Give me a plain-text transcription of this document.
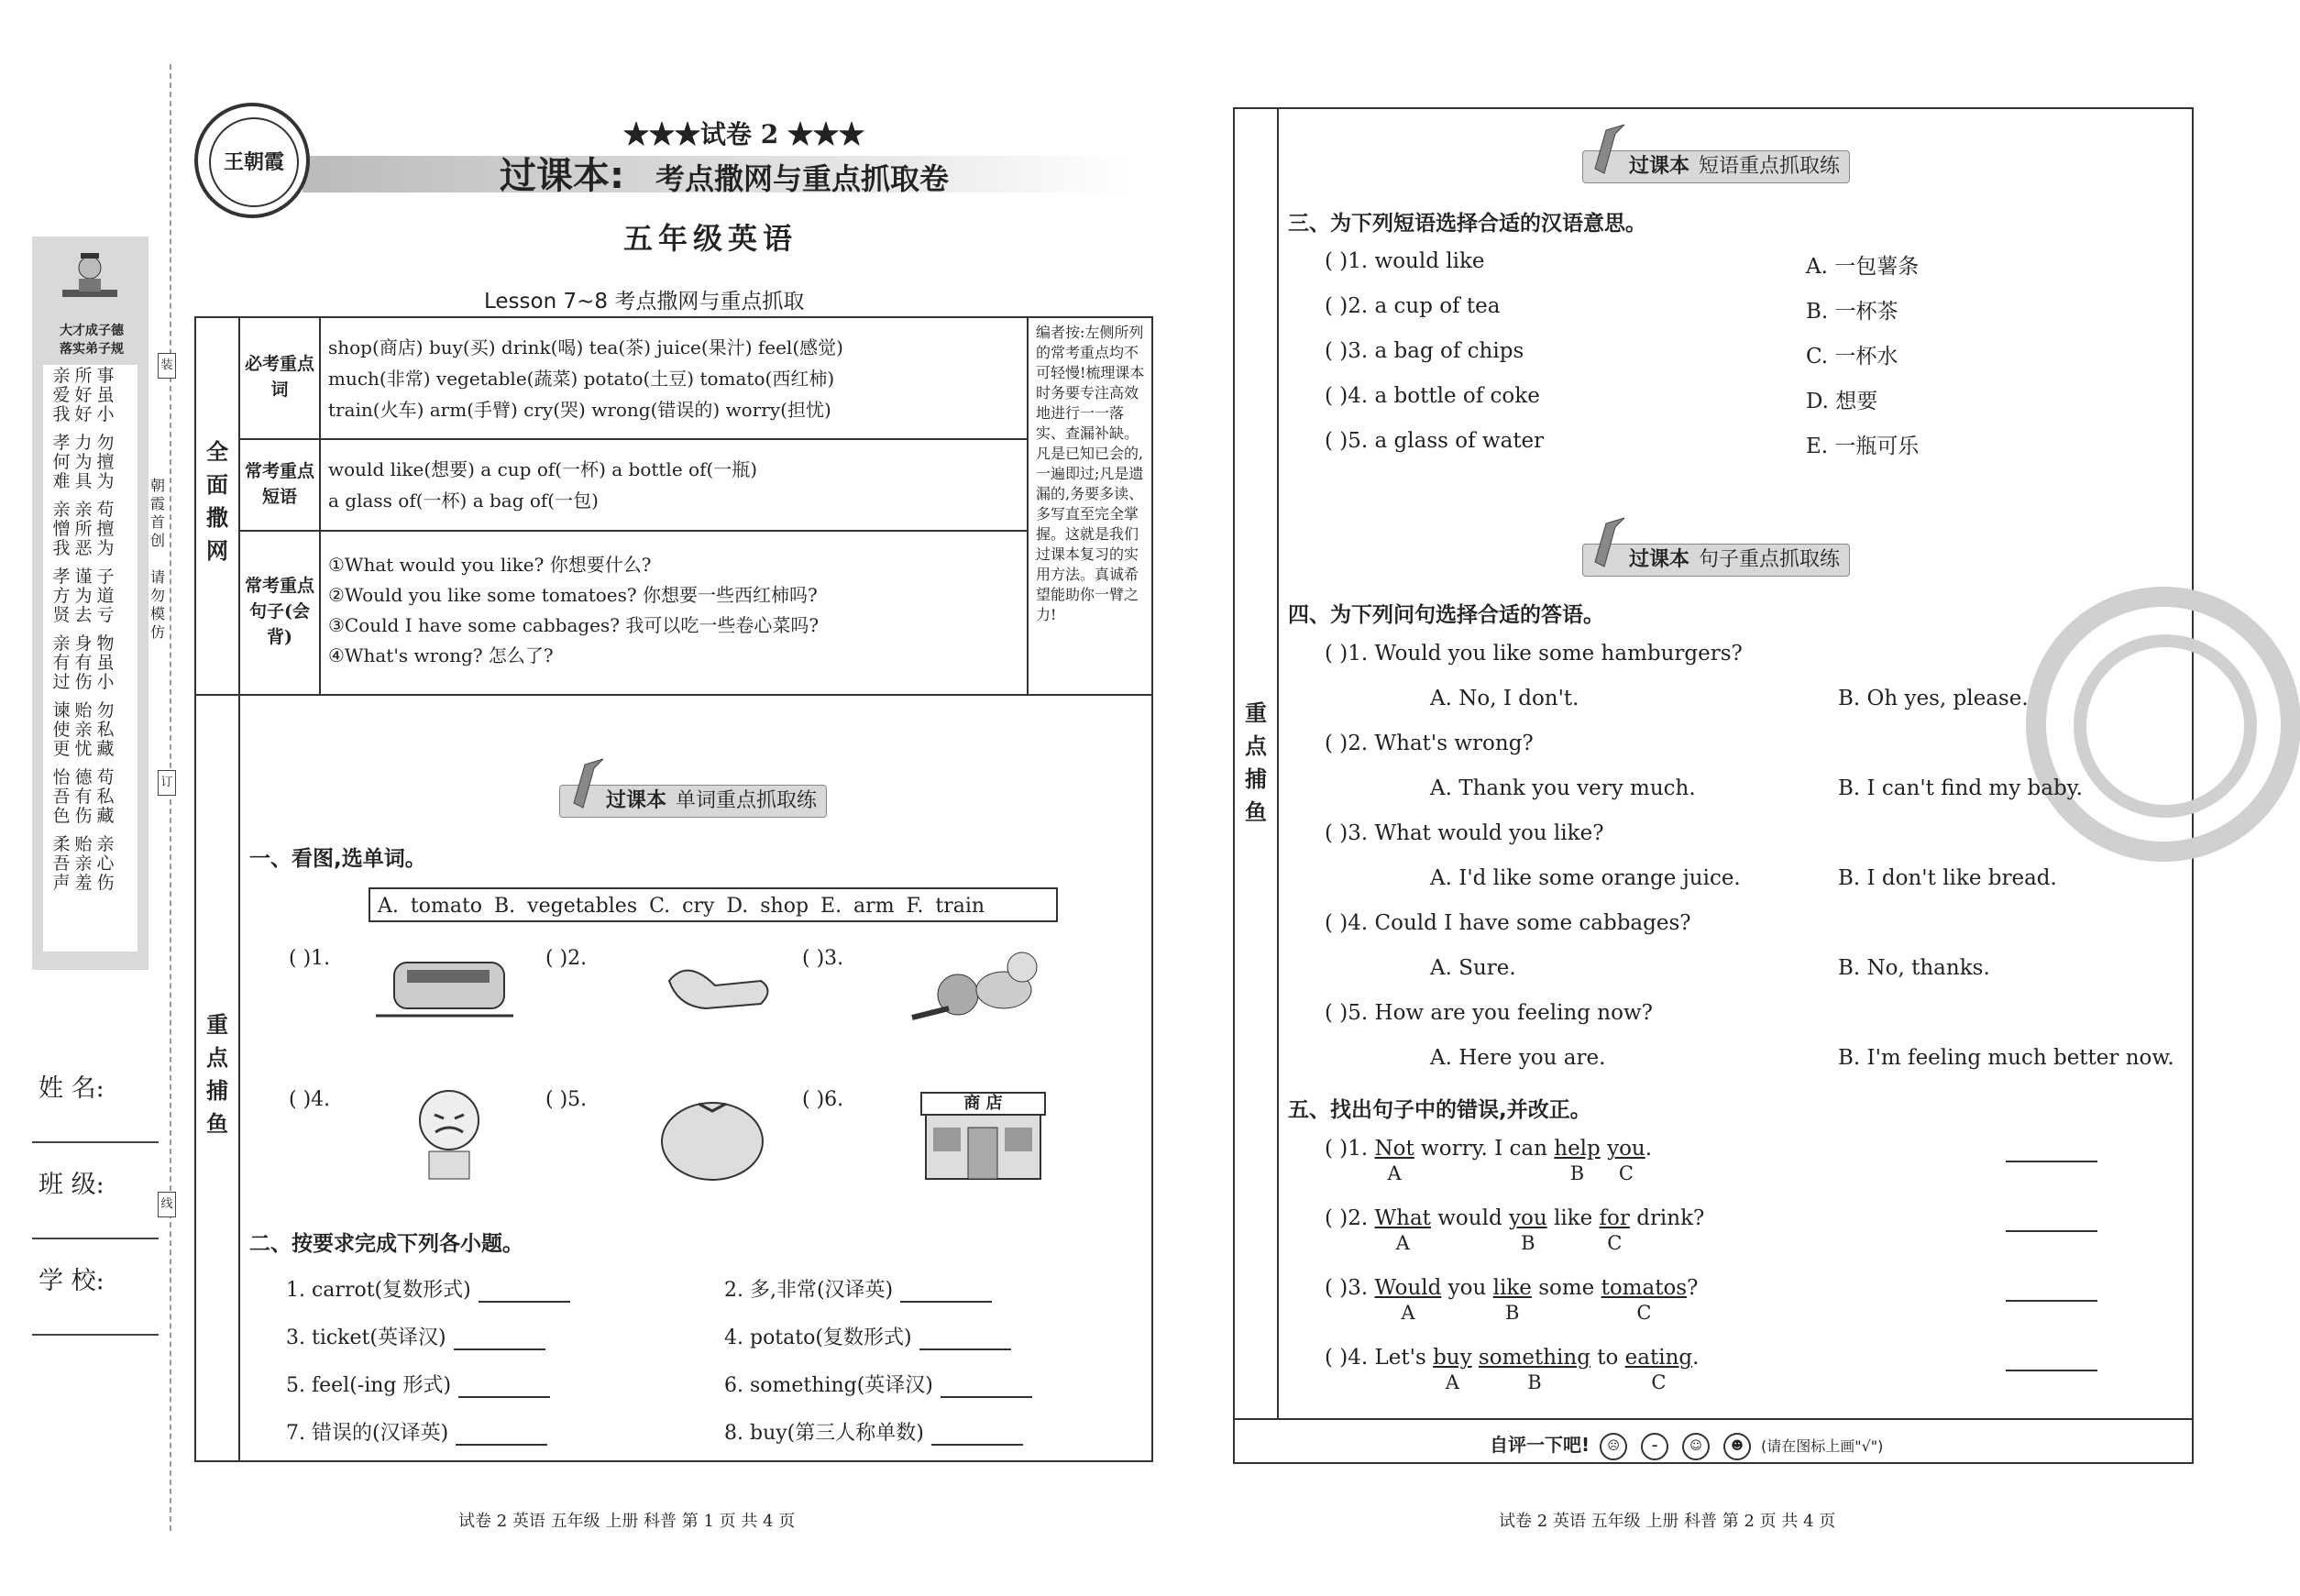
大才成子德
落实弟子规
亲 所 事
爱 好 虽
我 好 小
孝 力 勿
何 为 擅
难 具 为
亲 亲 苟
憎 所 擅
我 恶 为
孝 谨 子
方 为 道
贤 去 亏
亲 身 物
有 有 虽
过 伤 小
谏 贻 勿
使 亲 私
更 忧 藏
怡 德 苟
吾 有 私
色 伤 藏
柔 贻 亲
吾 亲 心
声 羞 伤
装
订
线
朝霞首创
请勿模仿
姓 名:
班 级:
学 校:
王朝霞
★★★试卷 2 ★★★
过课本: 考点撒网与重点抓取卷
五年级英语
Lesson 7~8 考点撒网与重点抓取
全
面
撒
网
重
点
捕
鱼
必考重点词
shop(商店) buy(买) drink(喝) tea(茶) juice(果汁) feel(感觉)
much(非常) vegetable(蔬菜) potato(土豆) tomato(西红柿)
train(火车) arm(手臂) cry(哭) wrong(错误的) worry(担忧)
常考重点短语
would like(想要) a cup of(一杯) a bottle of(一瓶)
a glass of(一杯) a bag of(一包)
常考重点句子(会背)
①What would you like? 你想要什么?
②Would you like some tomatoes? 你想要一些西红柿吗?
③Could I have some cabbages? 我可以吃一些卷心菜吗?
④What's wrong? 怎么了?
编者按:左侧所列的常考重点均不可轻慢!梳理课本时务要专注高效地进行一一落实、查漏补缺。凡是已知已会的,一遍即过;凡是遗漏的,务要多读、多写直至完全掌握。这就是我们过课本复习的实用方法。真诚希望能助你一臂之力!
过课本 单词重点抓取练
一、看图,选单词。
A. tomato B. vegetables C. cry D. shop E. arm F. train
( )1.	( )2.	( )3.
( )4.	( )5.	( )6.	商 店
二、按要求完成下列各小题。
1. carrot(复数形式)	2. 多,非常(汉译英)
3. ticket(英译汉)	4. potato(复数形式)
5. feel(-ing 形式)	6. something(英译汉)
7. 错误的(汉译英)	8. buy(第三人称单数)
试卷 2 英语 五年级 上册 科普 第 1 页 共 4 页
重
点
捕
鱼
过课本 短语重点抓取练
三、为下列短语选择合适的汉语意思。
过课本 句子重点抓取练
四、为下列问句选择合适的答语。
五、找出句子中的错误,并改正。
自评一下吧! ☹	–	☺ ☻ (请在图标上画"√")
试卷 2 英语 五年级 上册 科普 第 2 页 共 4 页
( )1. would like	A. 一包薯条
( )2. a cup of tea	B. 一杯茶
( )3. a bag of chips	C. 一杯水
( )4. a bottle of coke	D. 想要
( )5. a glass of water	E. 一瓶可乐
( )1. Would you like some hamburgers?
A. No, I don't.	B. Oh yes, please.
( )2. What's wrong?
A. Thank you very much.	B. I can't find my baby.
( )3. What would you like?
A. I'd like some orange juice.	B. I don't like bread.
( )4. Could I have some cabbages?
A. Sure.	B. No, thanks.
( )5. How are you feeling now?
A. Here you are.	B. I'm feeling much better now.
( )1. Not
A
worry. I can help
B
you
C
.
( )2. What
A
would you
B
like for
C
drink?
( )3. Would
A
you like
B
some tomatos
C
?
( )4. Let's buy
A
something
B
to eating
C
.
